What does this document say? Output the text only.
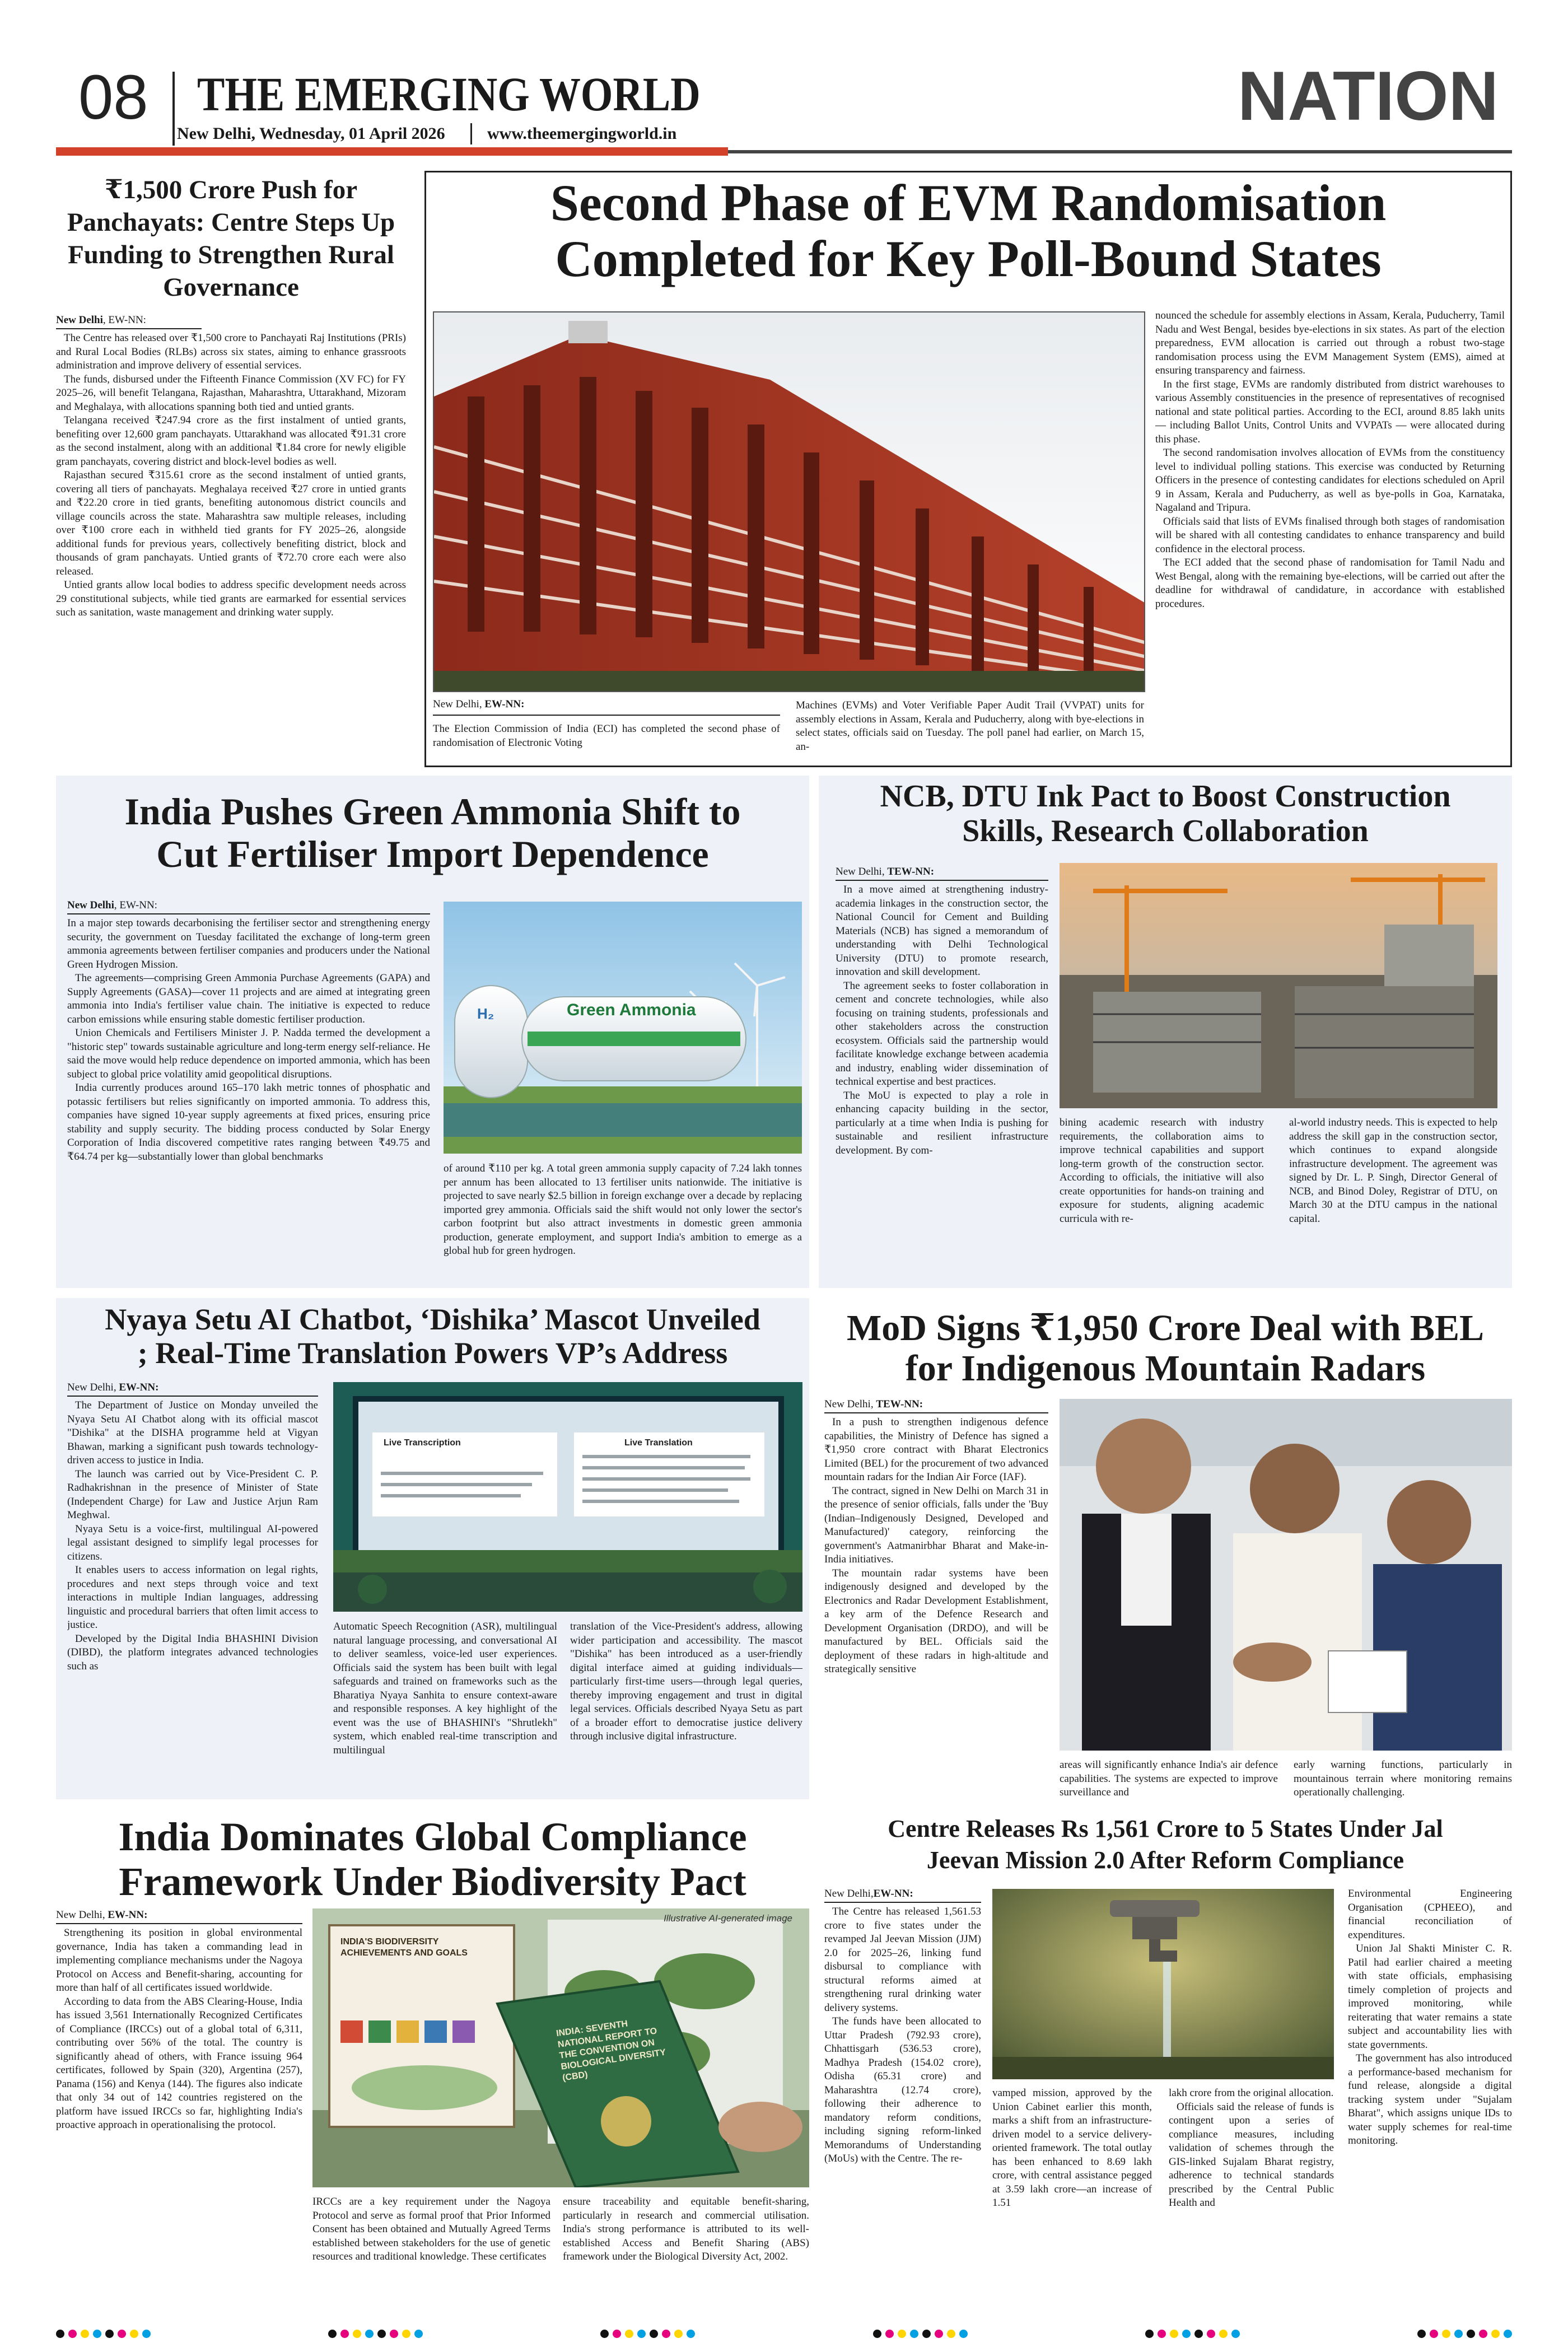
08 THE EMERGING WORLD
New Delhi, Wednesday, 01 April 2026	www.theemergingworld.in	NATION
₹1,500 Crore Push for Panchayats: Centre Steps Up Funding to Strengthen Rural Governance
New Delhi, EW-NN:

The Centre has released over ₹1,500 crore to Panchayati Raj Institutions (PRIs) and Rural Local Bodies (RLBs) across six states, aiming to enhance grassroots administration and improve delivery of essential services.

The funds, disbursed under the Fifteenth Finance Commission (XV FC) for FY 2025–26, will benefit Telangana, Rajasthan, Maharashtra, Uttarakhand, Mizoram and Meghalaya, with allocations spanning both tied and untied grants.

Telangana received ₹247.94 crore as the first instalment of untied grants, benefiting over 12,600 gram panchayats. Uttarakhand was allocated ₹91.31 crore as the second instalment, along with an additional ₹1.84 crore for newly eligible gram panchayats, covering district and block-level bodies as well.

Rajasthan secured ₹315.61 crore as the second instalment of untied grants, covering all tiers of panchayats. Meghalaya received ₹27 crore in untied grants and ₹22.20 crore in tied grants, benefiting autonomous district councils and village councils across the state. Maharashtra saw multiple releases, including over ₹100 crore each in withheld tied grants for FY 2025–26, alongside additional funds for previous years, collectively benefiting district, block and thousands of gram panchayats. Untied grants of ₹72.70 crore each were also released.

Untied grants allow local bodies to address specific development needs across 29 constitutional subjects, while tied grants are earmarked for essential services such as sanitation, waste management and drinking water supply.

Second Phase of EVM Randomisation
Completed for Key Poll-Bound States
New Delhi, EW-NN:
The Election Commission of India (ECI) has completed the second phase of randomisation of Electronic Voting
Machines (EVMs) and Voter Verifiable Paper Audit Trail (VVPAT) units for assembly elections in Assam, Kerala and Puducherry, along with bye-elections in select states, officials said on Tuesday. The poll panel had earlier, on March 15, an-

nounced the schedule for assembly elections in Assam, Kerala, Puducherry, Tamil Nadu and West Bengal, besides bye-elections in six states. As part of the election preparedness, EVM allocation is carried out through a robust two-stage randomisation process using the EVM Management System (EMS), aimed at ensuring transparency and fairness.

In the first stage, EVMs are randomly distributed from district warehouses to various Assembly constituencies in the presence of representatives of recognised national and state political parties. According to the ECI, around 8.85 lakh units — including Ballot Units, Control Units and VVPATs — were allocated during this phase.

The second randomisation involves allocation of EVMs from the constituency level to individual polling stations. This exercise was conducted by Returning Officers in the presence of contesting candidates for elections scheduled on April 9 in Assam, Kerala and Puducherry, as well as bye-polls in Goa, Karnataka, Nagaland and Tripura.

Officials said that lists of EVMs finalised through both stages of randomisation will be shared with all contesting candidates to enhance transparency and build confidence in the electoral process.

The ECI added that the second phase of randomisation for Tamil Nadu and West Bengal, along with the remaining bye-elections, will be carried out after the deadline for withdrawal of candidature, in accordance with established procedures.

India Pushes Green Ammonia Shift to
Cut Fertiliser Import Dependence
New Delhi, EW-NN:

In a major step towards decarbonising the fertiliser sector and strengthening energy security, the government on Tuesday facilitated the exchange of long-term green ammonia agreements between fertiliser companies and producers under the National Green Hydrogen Mission.

The agreements—comprising Green Ammonia Purchase Agreements (GAPA) and Supply Agreements (GASA)—cover 11 projects and are aimed at integrating green ammonia into India's fertiliser value chain. The initiative is expected to reduce carbon emissions while ensuring stable domestic fertiliser production.

Union Chemicals and Fertilisers Minister J. P. Nadda termed the development a "historic step" towards sustainable agriculture and long-term energy self-reliance. He said the move would help reduce dependence on imported ammonia, which has been subject to global price volatility amid geopolitical disruptions.

India currently produces around 165–170 lakh metric tonnes of phosphatic and potassic fertilisers but relies significantly on imported ammonia. To address this, companies have signed 10-year supply agreements at fixed prices, ensuring price stability and supply security. The bidding process conducted by Solar Energy Corporation of India discovered competitive rates ranging between ₹49.75 and ₹64.74 per kg—substantially lower than global benchmarks

Green Ammonia
H₂
of around ₹110 per kg. A total green ammonia supply capacity of 7.24 lakh tonnes per annum has been allocated to 13 fertiliser units nationwide. The initiative is projected to save nearly $2.5 billion in foreign exchange over a decade by replacing imported grey ammonia. Officials said the shift would not only lower the sector's carbon footprint but also attract investments in domestic green ammonia production, generate employment, and support India's ambition to emerge as a global hub for green hydrogen.
NCB, DTU Ink Pact to Boost Construction
Skills, Research Collaboration
New Delhi, TEW-NN:

In a move aimed at strengthening industry-academia linkages in the construction sector, the National Council for Cement and Building Materials (NCB) has signed a memorandum of understanding with Delhi Technological University (DTU) to promote research, innovation and skill development.

The agreement seeks to foster collaboration in cement and concrete technologies, while also focusing on training students, professionals and other stakeholders across the construction ecosystem. Officials said the partnership would facilitate knowledge exchange between academia and industry, enabling wider dissemination of technical expertise and best practices.

The MoU is expected to play a role in enhancing capacity building in the sector, particularly at a time when India is pushing for sustainable and resilient infrastructure development. By com-

bining academic research with industry requirements, the collaboration aims to improve technical capabilities and support long-term growth of the construction sector. According to officials, the initiative will also create opportunities for hands-on training and exposure for students, aligning academic curricula with re-
al-world industry needs. This is expected to help address the skill gap in the construction sector, which continues to expand alongside infrastructure development. The agreement was signed by Dr. L. P. Singh, Director General of NCB, and Binod Doley, Registrar of DTU, on March 30 at the DTU campus in the national capital.
Nyaya Setu AI Chatbot, ‘Dishika’ Mascot Unveiled
; Real-Time Translation Powers VP’s Address
New Delhi, EW-NN:

The Department of Justice on Monday unveiled the Nyaya Setu AI Chatbot along with its official mascot "Dishika" at the DISHA programme held at Vigyan Bhawan, marking a significant push towards technology-driven access to justice in India.

The launch was carried out by Vice-President C. P. Radhakrishnan in the presence of Minister of State (Independent Charge) for Law and Justice Arjun Ram Meghwal.

Nyaya Setu is a voice-first, multilingual AI-powered legal assistant designed to simplify legal processes for citizens.

It enables users to access information on legal rights, procedures and next steps through voice and text interactions in multiple Indian languages, addressing linguistic and procedural barriers that often limit access to justice.

Developed by the Digital India BHASHINI Division (DIBD), the platform integrates advanced technologies such as

Live Transcription	Live Translation
Automatic Speech Recognition (ASR), multilingual natural language processing, and conversational AI to deliver seamless, voice-led user experiences. Officials said the system has been built with legal safeguards and trained on frameworks such as the Bharatiya Nyaya Sanhita to ensure context-aware and responsible responses. A key highlight of the event was the use of BHASHINI's "Shrutlekh" system, which enabled real-time transcription and multilingual
translation of the Vice-President's address, allowing wider participation and accessibility. The mascot "Dishika" has been introduced as a user-friendly digital interface aimed at guiding individuals—particularly first-time users—through legal queries, thereby improving engagement and trust in digital legal services. Officials described Nyaya Setu as part of a broader effort to democratise justice delivery through inclusive digital infrastructure.
MoD Signs ₹1,950 Crore Deal with BEL
for Indigenous Mountain Radars
New Delhi, TEW-NN:

In a push to strengthen indigenous defence capabilities, the Ministry of Defence has signed a ₹1,950 crore contract with Bharat Electronics Limited (BEL) for the procurement of two advanced mountain radars for the Indian Air Force (IAF).

The contract, signed in New Delhi on March 31 in the presence of senior officials, falls under the 'Buy (Indian–Indigenously Designed, Developed and Manufactured)' category, reinforcing the government's Aatmanirbhar Bharat and Make-in-India initiatives.

The mountain radar systems have been indigenously designed and developed by the Electronics and Radar Development Establishment, a key arm of the Defence Research and Development Organisation (DRDO), and will be manufactured by BEL. Officials said the deployment of these radars in high-altitude and strategically sensitive

areas will significantly enhance India's air defence capabilities. The systems are expected to improve surveillance and
early warning functions, particularly in mountainous terrain where monitoring remains operationally challenging.
India Dominates Global Compliance
Framework Under Biodiversity Pact
New Delhi, EW-NN:

Strengthening its position in global environmental governance, India has taken a commanding lead in implementing compliance mechanisms under the Nagoya Protocol on Access and Benefit-sharing, accounting for more than half of all certificates issued worldwide.

According to data from the ABS Clearing-House, India has issued 3,561 Internationally Recognized Certificates of Compliance (IRCCs) out of a global total of 6,311, contributing over 56% of the total. The country is significantly ahead of others, with France issuing 964 certificates, followed by Spain (320), Argentina (257), Panama (156) and Kenya (144). The figures also indicate that only 34 out of 142 countries registered on the platform have issued IRCCs so far, highlighting India's proactive approach in operationalising the protocol.

Illustrative AI-generated image
INDIA'S BIODIVERSITY ACHIEVEMENTS AND GOALS
INDIA: SEVENTH NATIONAL REPORT TO THE CONVENTION ON BIOLOGICAL DIVERSITY (CBD)
IRCCs are a key requirement under the Nagoya Protocol and serve as formal proof that Prior Informed Consent has been obtained and Mutually Agreed Terms established between stakeholders for the use of genetic resources and traditional knowledge. These certificates
ensure traceability and equitable benefit-sharing, particularly in research and commercial utilisation. India's strong performance is attributed to its well-established Access and Benefit Sharing (ABS) framework under the Biological Diversity Act, 2002.
Centre Releases Rs 1,561 Crore to 5 States Under Jal
Jeevan Mission 2.0 After Reform Compliance
New Delhi,EW-NN:

The Centre has released 1,561.53 crore to five states under the revamped Jal Jeevan Mission (JJM) 2.0 for 2025–26, linking fund disbursal to compliance with structural reforms aimed at strengthening rural drinking water delivery systems.

The funds have been allocated to Uttar Pradesh (792.93 crore), Chhattisgarh (536.53 crore), Madhya Pradesh (154.02 crore), Odisha (65.31 crore) and Maharashtra (12.74 crore), following their adherence to mandatory reform conditions, including signing reform-linked Memorandums of Understanding (MoUs) with the Centre. The re-

vamped mission, approved by the Union Cabinet earlier this month, marks a shift from an infrastructure-driven model to a service delivery-oriented framework. The total outlay has been enhanced to 8.69 lakh crore, with central assistance pegged at 3.59 lakh crore—an increase of 1.51

lakh crore from the original allocation.

Officials said the release of funds is contingent upon a series of compliance measures, including validation of schemes through the GIS-linked Sujalam Bharat registry, adherence to technical standards prescribed by the Central Public Health and

Environmental Engineering Organisation (CPHEEO), and financial reconciliation of expenditures.

Union Jal Shakti Minister C. R. Patil had earlier chaired a meeting with state officials, emphasising timely completion of projects and improved monitoring, while reiterating that water remains a state subject and accountability lies with state governments.

The government has also introduced a performance-based mechanism for fund release, alongside a digital tracking system under "Sujalam Bharat", which assigns unique IDs to water supply schemes for real-time monitoring.
